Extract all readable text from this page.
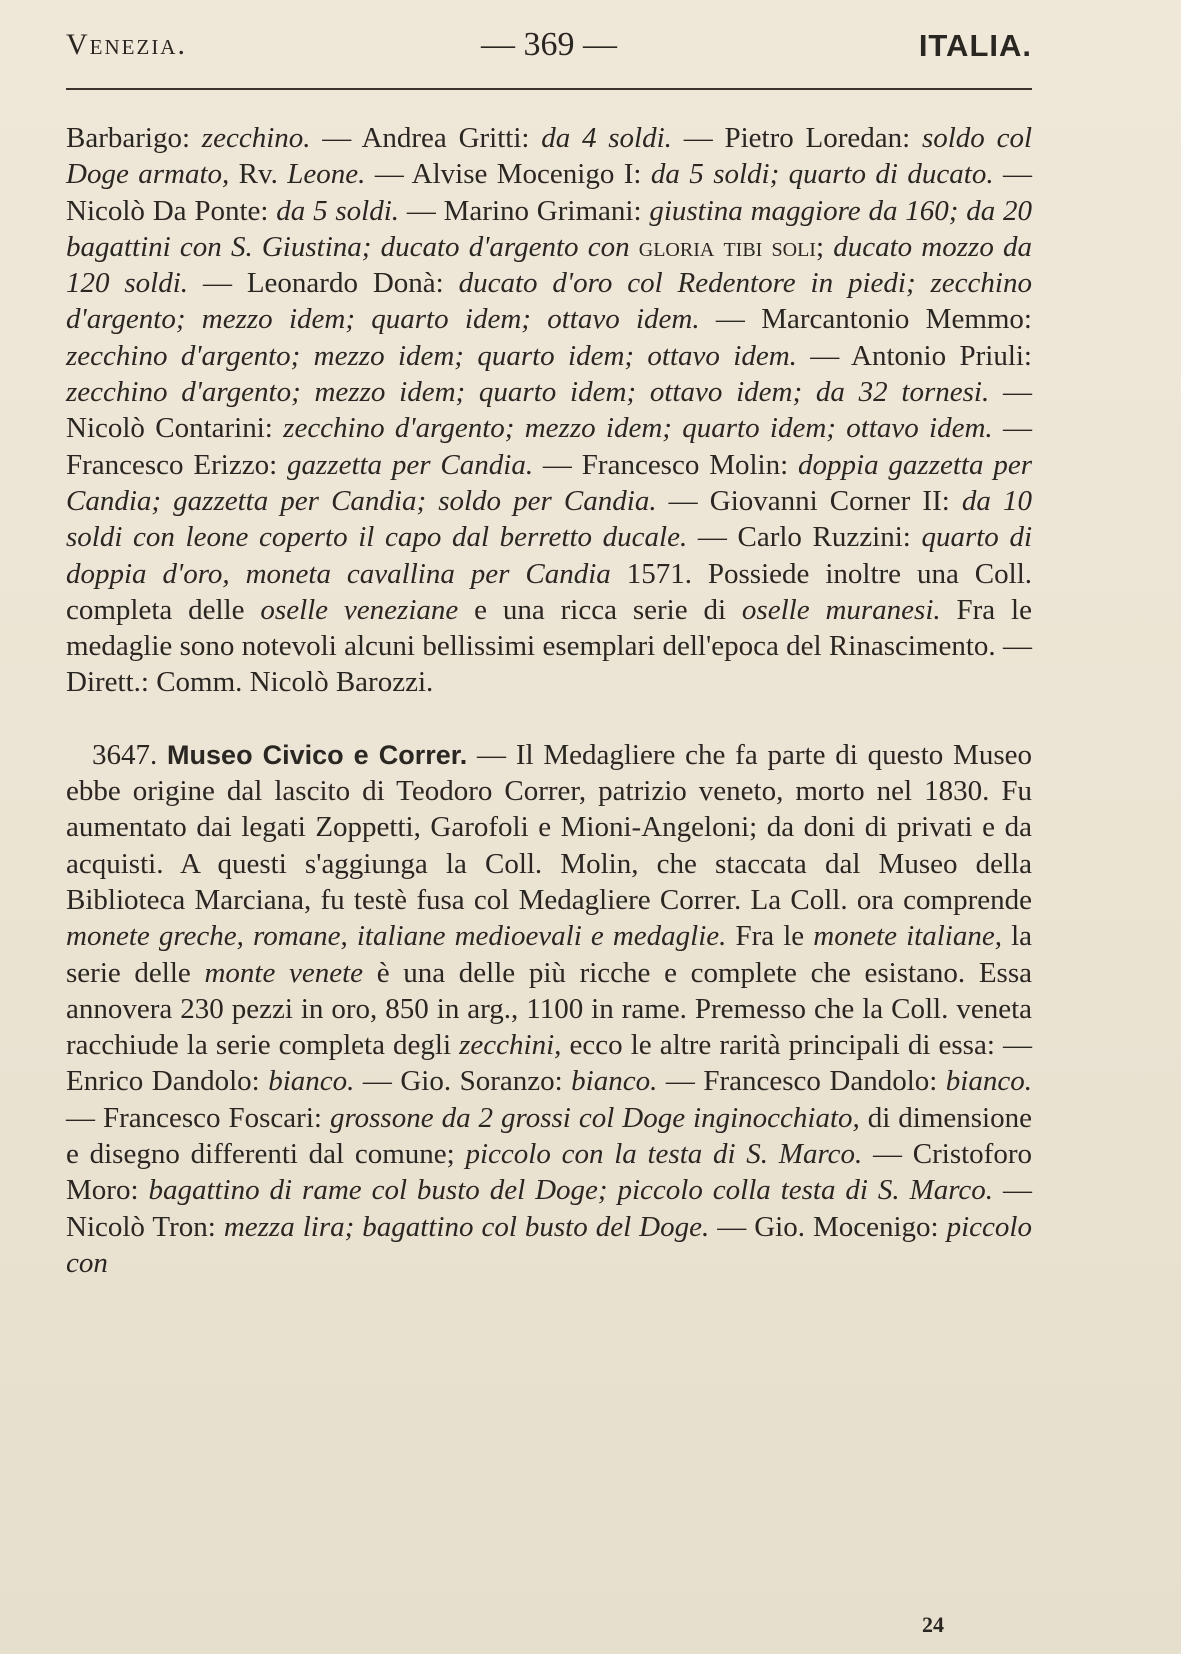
Venezia.	— 369 —	ITALIA.

Barbarigo: zecchino. — Andrea Gritti: da 4 soldi. — Pietro Loredan: soldo col Doge armato, Rv. Leone. — Alvise Mocenigo I: da 5 soldi; quarto di ducato. — Nicolò Da Ponte: da 5 soldi. — Marino Grimani: giustina maggiore da 160; da 20 bagattini con S. Giustina; ducato d'argento con gloria tibi soli; ducato mozzo da 120 soldi. — Leonardo Donà: ducato d'oro col Redentore in piedi; zecchino d'argento; mezzo idem; quarto idem; ottavo idem. — Marcantonio Memmo: zecchino d'argento; mezzo idem; quarto idem; ottavo idem. — Antonio Priuli: zecchino d'argento; mezzo idem; quarto idem; ottavo idem; da 32 tornesi. — Nicolò Contarini: zecchino d'argento; mezzo idem; quarto idem; ottavo idem. — Francesco Erizzo: gazzetta per Candia. — Francesco Molin: doppia gazzetta per Candia; gazzetta per Candia; soldo per Candia. — Giovanni Corner II: da 10 soldi con leone coperto il capo dal berretto ducale. — Carlo Ruzzini: quarto di doppia d'oro, moneta cavallina per Candia 1571. Possiede inoltre una Coll. completa delle oselle veneziane e una ricca serie di oselle muranesi. Fra le medaglie sono notevoli alcuni bellissimi esemplari dell'epoca del Rinascimento. — Dirett.: Comm. Nicolò Barozzi.

3647. Museo Civico e Correr. — Il Medagliere che fa parte di questo Museo ebbe origine dal lascito di Teodoro Correr, patrizio veneto, morto nel 1830. Fu aumentato dai legati Zoppetti, Garofoli e Mioni-Angeloni; da doni di privati e da acquisti. A questi s'aggiunga la Coll. Molin, che staccata dal Museo della Biblioteca Marciana, fu testè fusa col Medagliere Correr. La Coll. ora comprende monete greche, romane, italiane medioevali e medaglie. Fra le monete italiane, la serie delle monte venete è una delle più ricche e complete che esistano. Essa annovera 230 pezzi in oro, 850 in arg., 1100 in rame. Premesso che la Coll. veneta racchiude la serie completa degli zecchini, ecco le altre rarità principali di essa: — Enrico Dandolo: bianco. — Gio. Soranzo: bianco. — Francesco Dandolo: bianco. — Francesco Foscari: grossone da 2 grossi col Doge inginocchiato, di dimensione e disegno differenti dal comune; piccolo con la testa di S. Marco. — Cristoforo Moro: bagattino di rame col busto del Doge; piccolo colla testa di S. Marco. — Nicolò Tron: mezza lira; bagattino col busto del Doge. — Gio. Mocenigo: piccolo con

24
